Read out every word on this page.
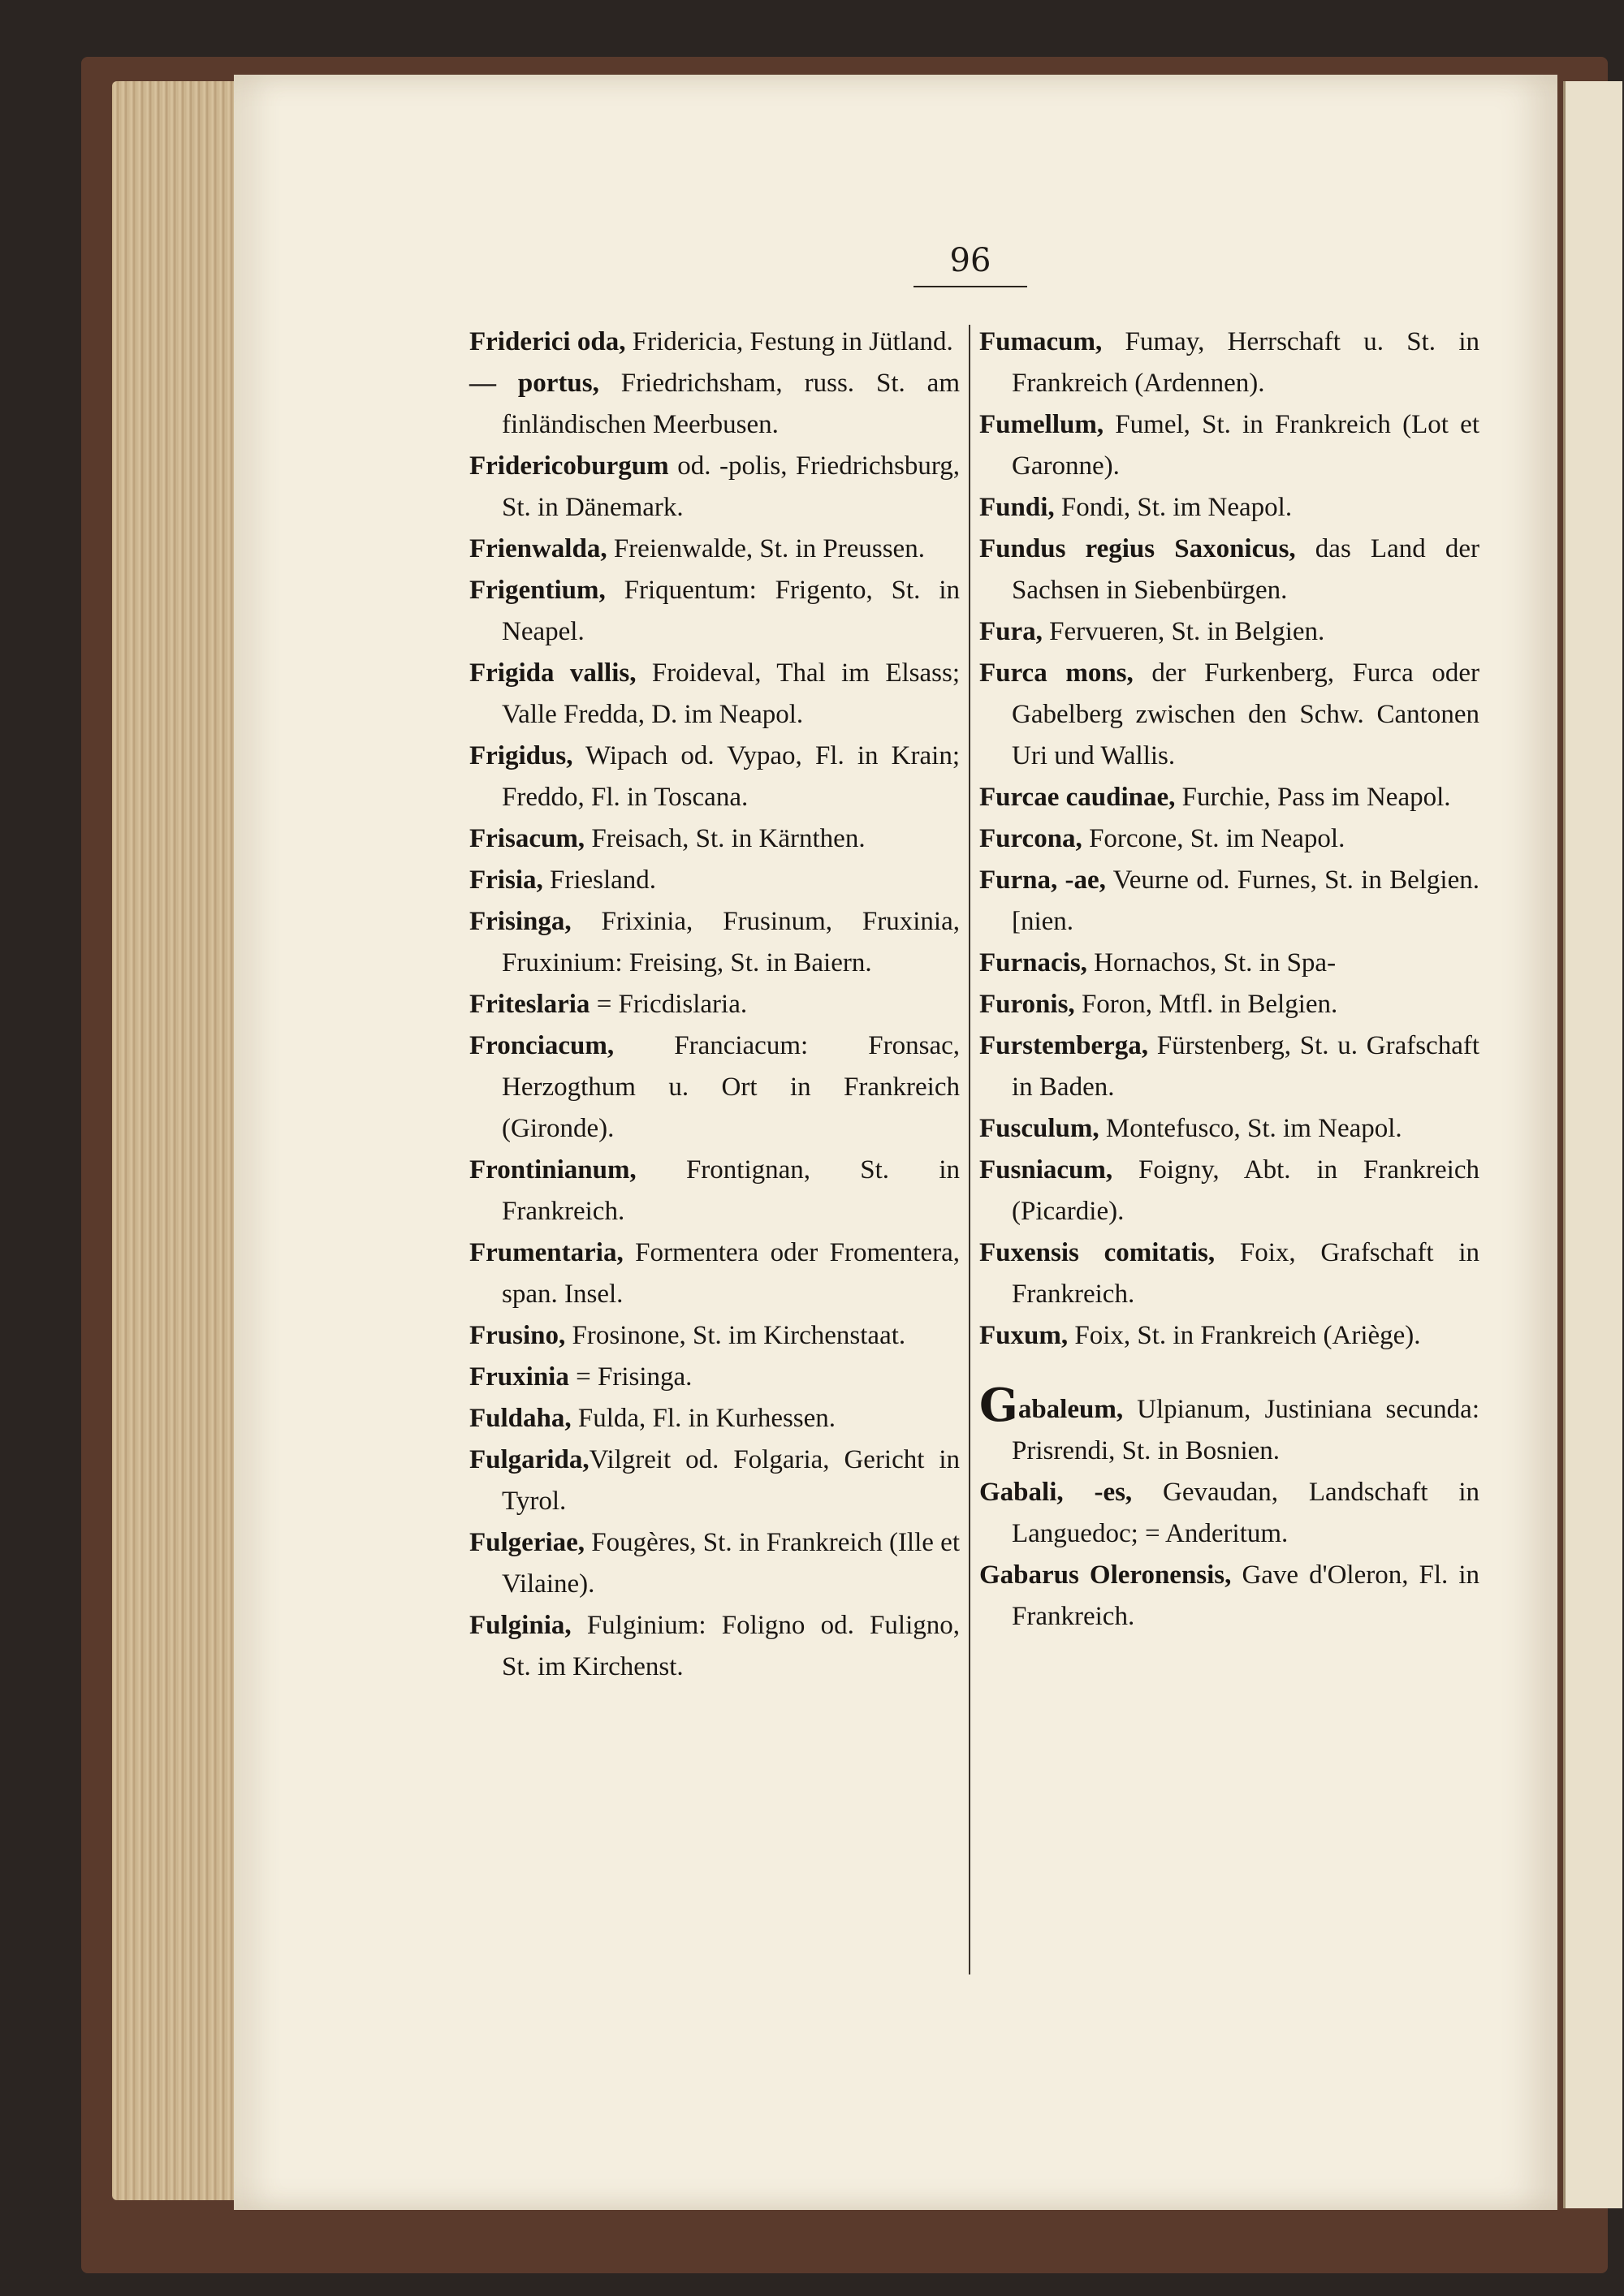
96

Friderici oda, Fridericia, Festung in Jütland.

— portus, Friedrichsham, russ. St. am finländischen Meerbusen.

Fridericoburgum od. -polis, Friedrichsburg, St. in Dänemark.

Frienwalda, Freienwalde, St. in Preussen.

Frigentium, Friquentum: Frigento, St. in Neapel.

Frigida vallis, Froideval, Thal im Elsass; Valle Fredda, D. im Neapol.

Frigidus, Wipach od. Vypao, Fl. in Krain; Freddo, Fl. in Toscana.

Frisacum, Freisach, St. in Kärnthen.

Frisia, Friesland.

Frisinga, Frixinia, Frusinum, Fruxinia, Fruxinium: Freising, St. in Baiern.

Friteslaria = Fricdislaria.

Fronciacum, Franciacum: Fronsac, Herzogthum u. Ort in Frankreich (Gironde).

Frontinianum, Frontignan, St. in Frankreich.

Frumentaria, Formentera oder Fromentera, span. Insel.

Frusino, Frosinone, St. im Kirchenstaat.

Fruxinia = Frisinga.

Fuldaha, Fulda, Fl. in Kurhessen.

Fulgarida,Vilgreit od. Folgaria, Gericht in Tyrol.

Fulgeriae, Fougères, St. in Frankreich (Ille et Vilaine).

Fulginia, Fulginium: Foligno od. Fuligno, St. im Kirchenst.

Fumacum, Fumay, Herrschaft u. St. in Frankreich (Ardennen).

Fumellum, Fumel, St. in Frankreich (Lot et Garonne).

Fundi, Fondi, St. im Neapol.

Fundus regius Saxonicus, das Land der Sachsen in Siebenbürgen.

Fura, Fervueren, St. in Belgien.

Furca mons, der Furkenberg, Furca oder Gabelberg zwischen den Schw. Cantonen Uri und Wallis.

Furcae caudinae, Furchie, Pass im Neapol.

Furcona, Forcone, St. im Neapol.

Furna, -ae, Veurne od. Furnes, St. in Belgien. [nien.

Furnacis, Hornachos, St. in Spa-

Furonis, Foron, Mtfl. in Belgien.

Furstemberga, Fürstenberg, St. u. Grafschaft in Baden.

Fusculum, Montefusco, St. im Neapol.

Fusniacum, Foigny, Abt. in Frankreich (Picardie).

Fuxensis comitatis, Foix, Grafschaft in Frankreich.

Fuxum, Foix, St. in Frankreich (Ariège).

Gabaleum, Ulpianum, Justiniana secunda: Prisrendi, St. in Bosnien.

Gabali, -es, Gevaudan, Landschaft in Languedoc; = Anderitum.

Gabarus Oleronensis, Gave d'Oleron, Fl. in Frankreich.
